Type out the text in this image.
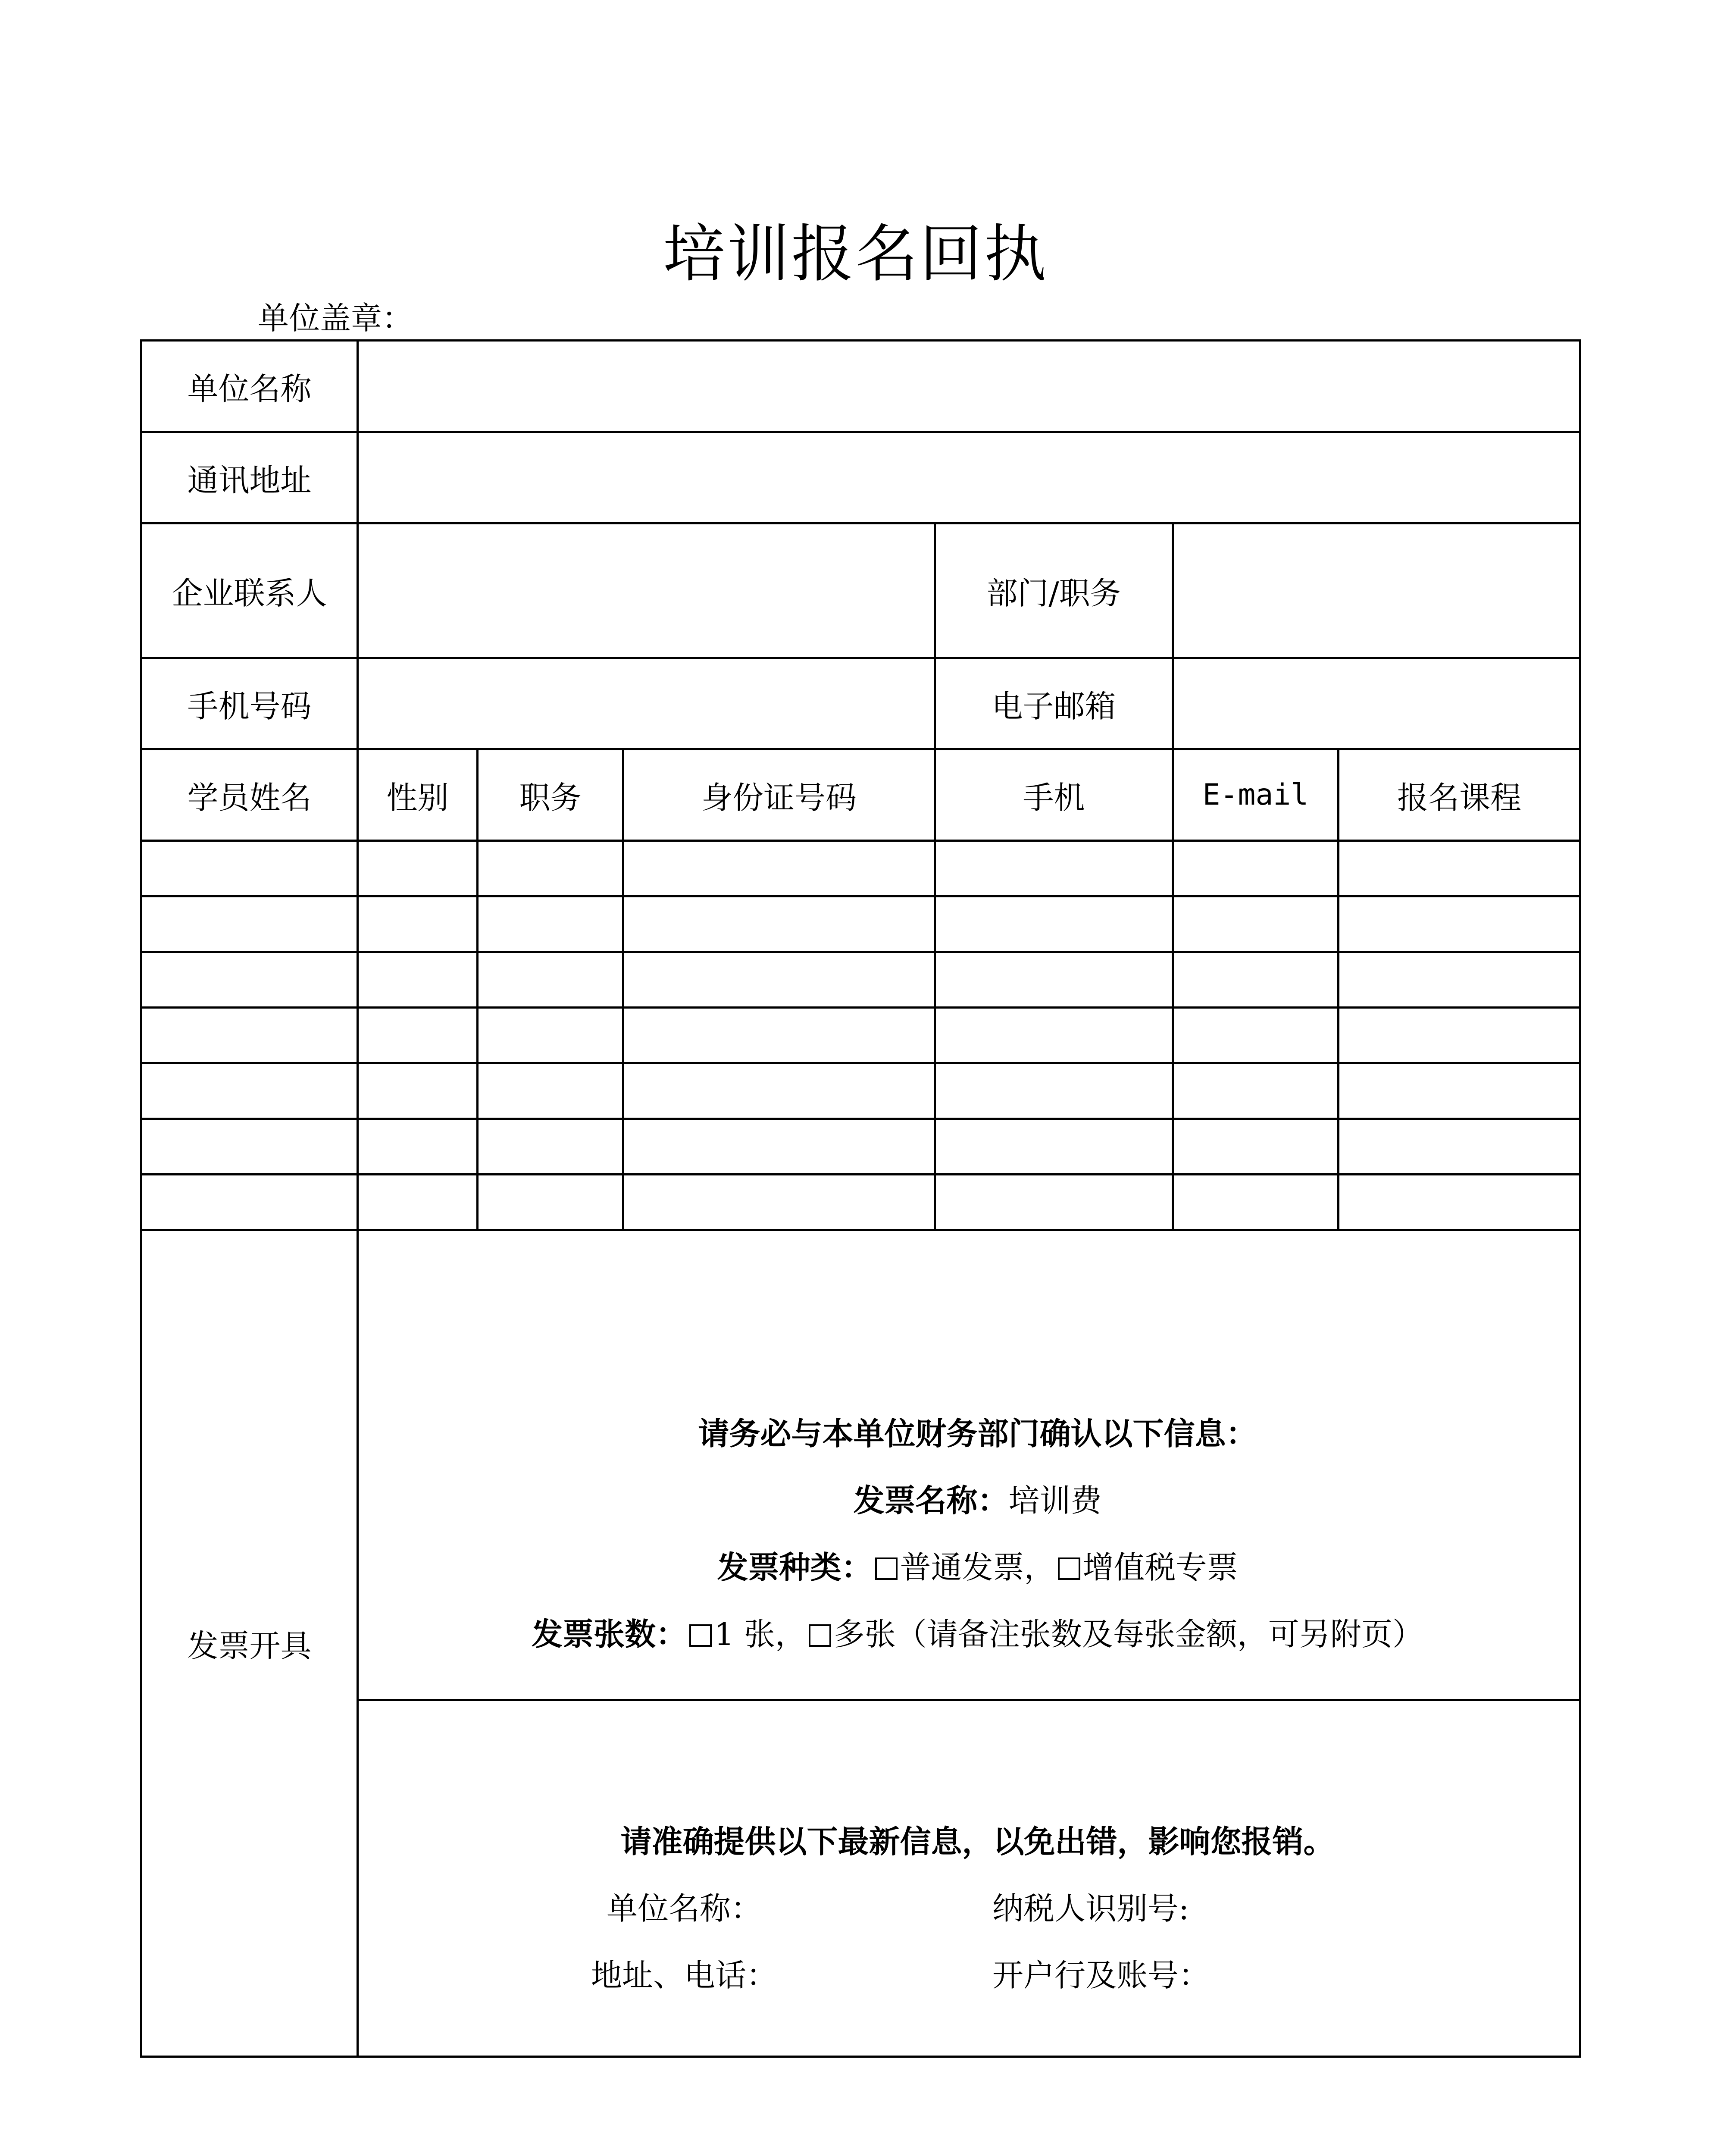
培训报名回执
单位盖章：
单位名称						
通讯地址						
企业联系人				部门/职务		
手机号码				电子邮箱		
学员姓名	性别	职务	身份证号码	手机	E-mail	报名课程

发票开具	请务必与本单位财务部门确认以下信息：
发票名称：培训费
发票种类： 普通发票， 增值税专票
发票张数： 1 张， 多张（请备注张数及每张金额，可另附页）					

	请准确提供以下最新信息，以免出错，影响您报销。
单位名称： 纳税人识别号:
地址、电话： 开户行及账号：					
